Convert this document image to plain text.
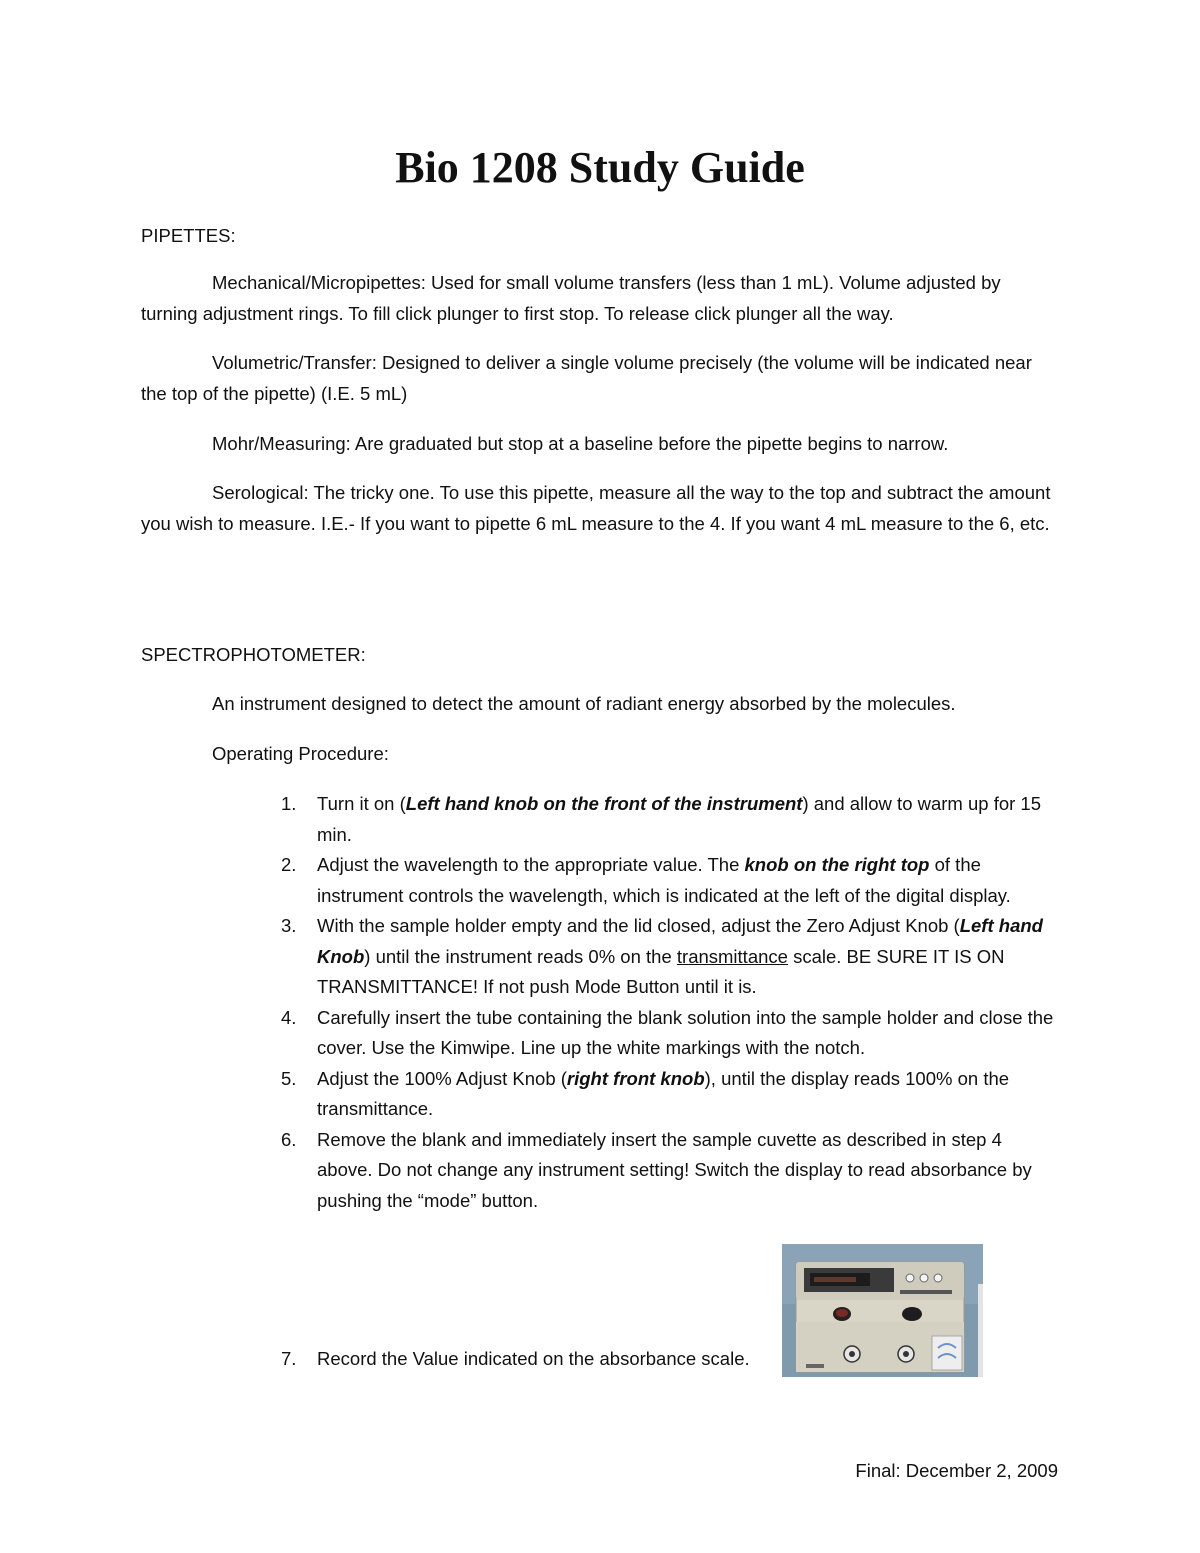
Bio 1208 Study Guide

PIPETTES:

Mechanical/Micropipettes: Used for small volume transfers (less than 1 mL). Volume adjusted by turning adjustment rings. To fill click plunger to first stop. To release click plunger all the way.

Volumetric/Transfer: Designed to deliver a single volume precisely (the volume will be indicated near the top of the pipette) (I.E. 5 mL)

Mohr/Measuring: Are graduated but stop at a baseline before the pipette begins to narrow.

Serological: The tricky one. To use this pipette, measure all the way to the top and subtract the amount you wish to measure. I.E.- If you want to pipette 6 mL measure to the 4. If you want 4 mL measure to the 6, etc.

SPECTROPHOTOMETER:

An instrument designed to detect the amount of radiant energy absorbed by the molecules.

Operating Procedure:

1. Turn it on (Left hand knob on the front of the instrument) and allow to warm up for 15 min.
2. Adjust the wavelength to the appropriate value. The knob on the right top of the instrument controls the wavelength, which is indicated at the left of the digital display.
3. With the sample holder empty and the lid closed, adjust the Zero Adjust Knob (Left hand Knob) until the instrument reads 0% on the transmittance scale. BE SURE IT IS ON TRANSMITTANCE! If not push Mode Button until it is.
4. Carefully insert the tube containing the blank solution into the sample holder and close the cover. Use the Kimwipe. Line up the white markings with the notch.
5. Adjust the 100% Adjust Knob (right front knob), until the display reads 100% on the transmittance.
6. Remove the blank and immediately insert the sample cuvette as described in step 4 above. Do not change any instrument setting! Switch the display to read absorbance by pushing the “mode” button.
7. Record the Value indicated on the absorbance scale.

Final: December 2, 2009
